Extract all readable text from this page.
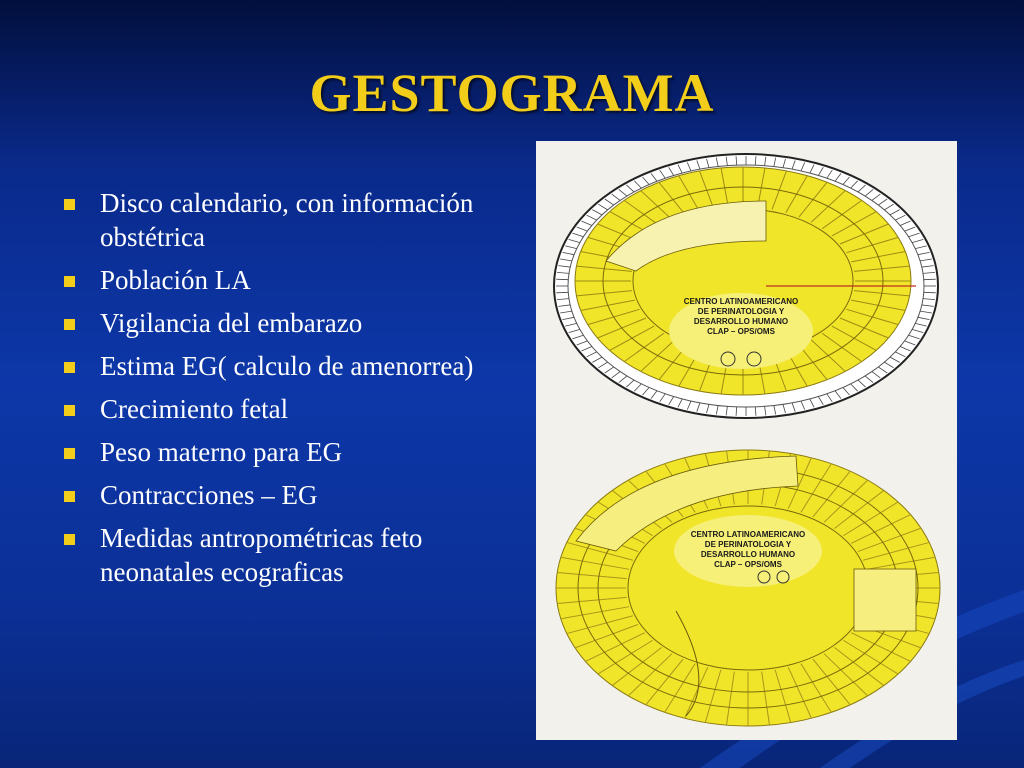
GESTOGRAMA
Disco calendario, con información obstétrica
Población LA
Vigilancia del embarazo
Estima EG( calculo de amenorrea)
Crecimiento fetal
Peso materno para EG
Contracciones – EG
Medidas antropométricas feto neonatales ecograficas
CENTRO LATINOAMERICANO
DE PERINATOLOGIA Y
DESARROLLO HUMANO
CLAP – OPS/OMS
CENTRO LATINOAMERICANO
DE PERINATOLOGIA Y
DESARROLLO HUMANO
CLAP – OPS/OMS
